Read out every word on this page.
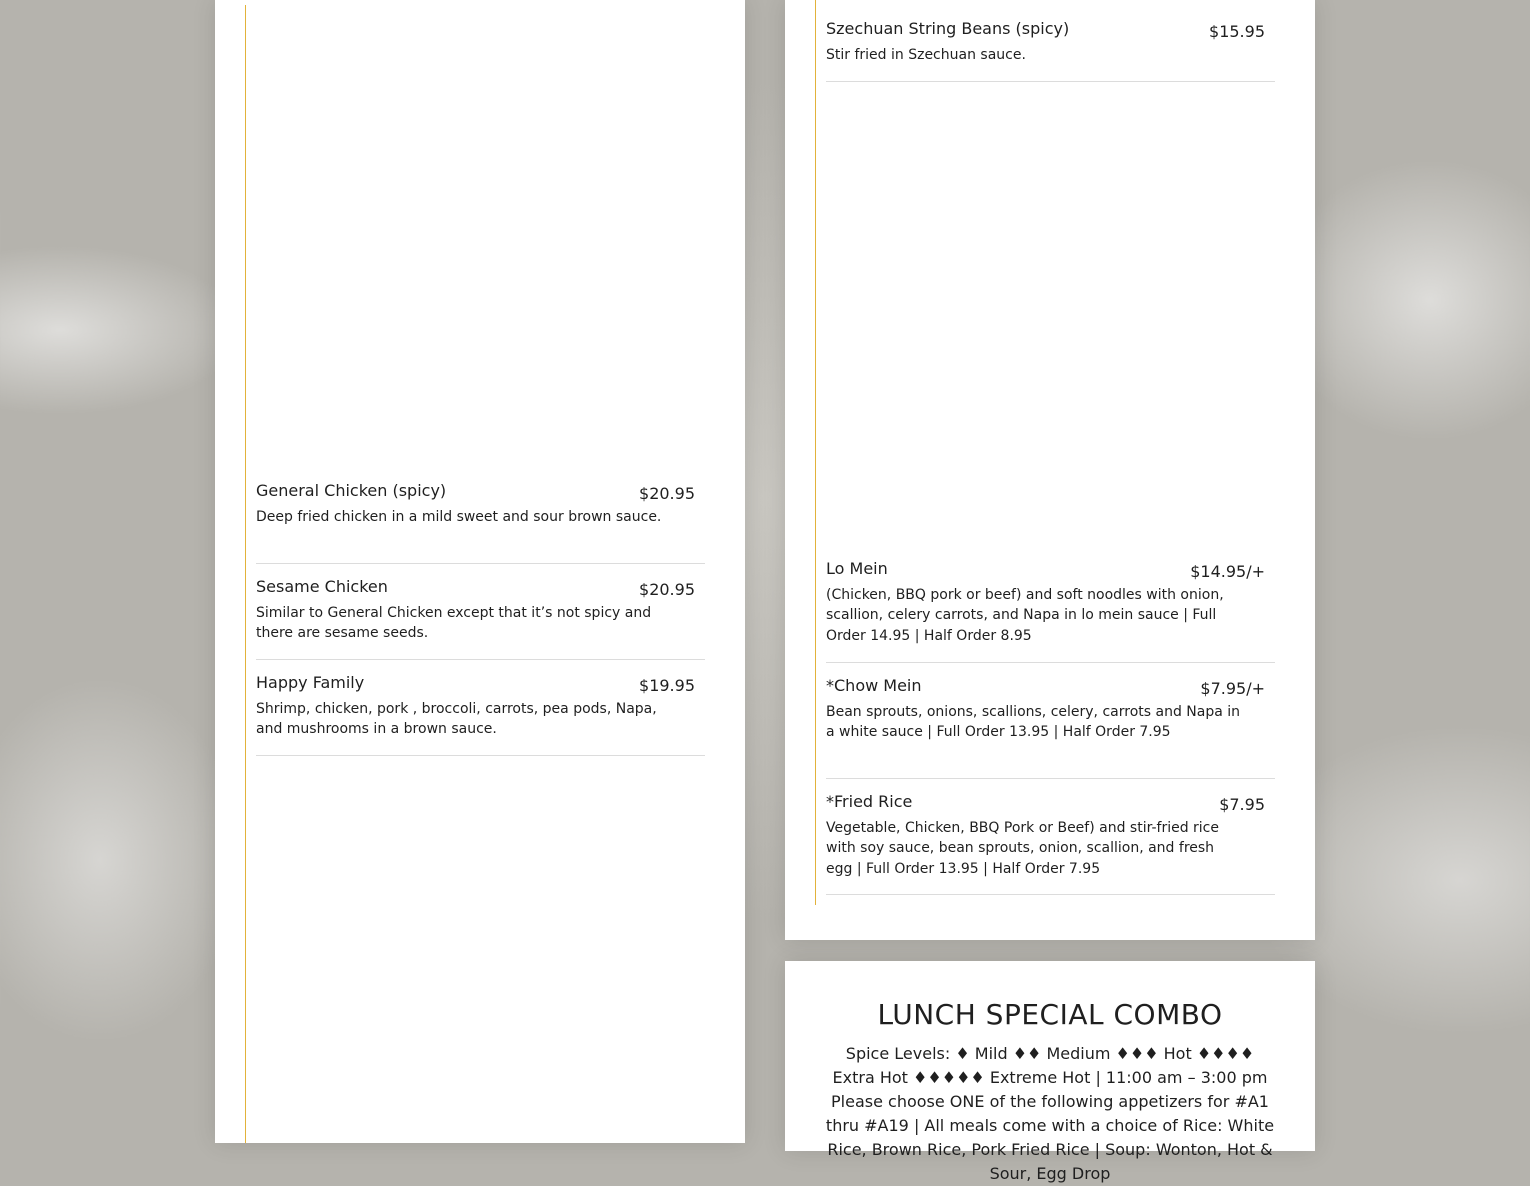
General Chicken (spicy)	$20.95
Deep fried chicken in a mild sweet and sour brown sauce.
Sesame Chicken	$20.95
Similar to General Chicken except that it’s not spicy and there are sesame seeds.
Happy Family	$19.95
Shrimp, chicken, pork , broccoli, carrots, pea pods, Napa, and mushrooms in a brown sauce.
Szechuan String Beans (spicy)	$15.95
Stir fried in Szechuan sauce.
Lo Mein	$14.95/+
(Chicken, BBQ pork or beef) and soft noodles with onion, scallion, celery carrots, and Napa in lo mein sauce | Full Order 14.95 | Half Order 8.95
*Chow Mein	$7.95/+
Bean sprouts, onions, scallions, celery, carrots and Napa in a white sauce | Full Order 13.95 | Half Order 7.95
*Fried Rice	$7.95
Vegetable, Chicken, BBQ Pork or Beef) and stir-fried rice with soy sauce, bean sprouts, onion, scallion, and fresh egg | Full Order 13.95 | Half Order 7.95
LUNCH SPECIAL COMBO
Spice Levels: ♦ Mild ♦♦ Medium ♦♦♦ Hot ♦♦♦♦ Extra Hot ♦♦♦♦♦ Extreme Hot | 11:00 am – 3:00 pm Please choose ONE of the following appetizers for #A1 thru #A19 | All meals come with a choice of Rice: White Rice, Brown Rice, Pork Fried Rice | Soup: Wonton, Hot & Sour, Egg Drop
